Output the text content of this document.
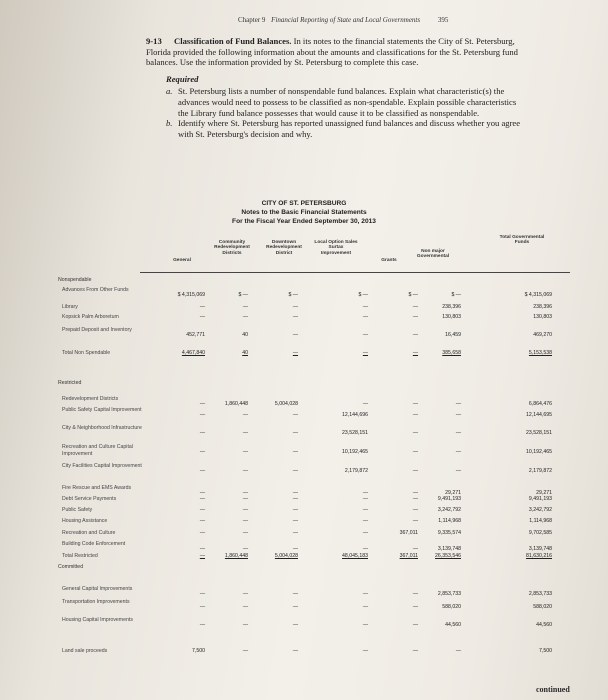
Chapter 9 Financial Reporting of State and Local Governments	395
9-13	Classification of Fund Balances. In its notes to the financial statements the City of St. Petersburg, Florida provided the following information about the amounts and classifications for the St. Petersburg fund balances. Use the information provided by St. Petersburg to complete this case.

Required
a. St. Petersburg lists a number of nonspendable fund balances. Explain what characteristic(s) the advances would need to possess to be classified as non-spendable. Explain possible characteristics the Library fund balance possesses that would cause it to be classified as nonspendable.
b. Identify where St. Petersburg has reported unassigned fund balances and discuss whether you agree with St. Petersburg's decision and why.
CITY OF ST. PETERSBURG
Notes to the Basic Financial Statements
For the Fiscal Year Ended September 30, 2013
General
Community Redevelopment Districts
Downtown Redevelopment District
Local Option Sales Surtax Improvement
Grants
Non major Governmental
Total Governmental Funds
Nonspendable
Advances From Other Funds
$ 4,315,069	$ —	$ —	$ —	$ —	$ —	$ 4,315,069
Library	—	—	—	—	—	238,396	238,396
Kopsick Palm Arboretum	—	—	—	—	—	130,803	130,803
Prepaid Deposit and Inventory
452,771	40	—	—	—	16,459	469,270
Total Non Spendable	4,467,840	40	—	—	—	385,658	5,153,538
Restricted
Redevelopment Districts
—	1,860,448	5,004,028	—	—	—	6,864,476
Public Safety Capital Improvement
—	—	—	12,144,696	—	—	12,144,695
City & Neighborhood Infrastructure
—	—	—	23,528,151	—	—	23,528,151
Recreation and Culture Capital Improvement	—	—	—	10,192,465	—	—	10,192,465
City Facilities Capital Improvement
—	—	—	2,179,872	—	—	2,179,872
Fire Rescue and EMS Awards
—	—	—	—	—	29,271	29,271
Debt Service Payments	—	—	—	—	—	9,491,193	9,491,193
Public Safety	—	—	—	—	—	3,242,792	3,242,792
Housing Assistance	—	—	—	—	—	1,114,968	1,114,968
Recreation and Culture	—	—	—	—	367,011	9,335,574	9,702,585
Building Code Enforcement
—	—	—	—	—	3,139,748	3,139,748
Total Restricted	—	1,860,448	5,004,028	48,045,183	367,011	26,353,546	81,630,216
Committed
General Capital Improvements
—	—	—	—	—	2,853,733	2,853,733
Transportation Improvements
—	—	—	—	—	588,020	588,020
Housing Capital Improvements
—	—	—	—	—	44,560	44,560
Land sale proceeds	7,500	—	—	—	—	—	7,500
continued
